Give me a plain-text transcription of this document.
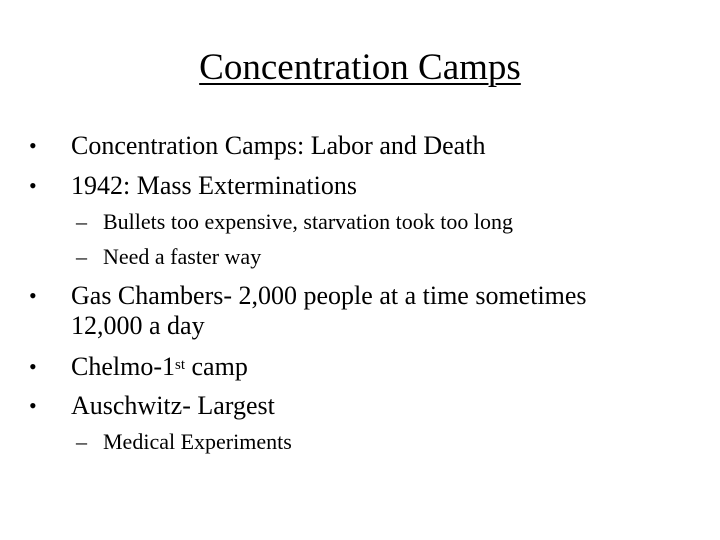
Concentration Camps
• Concentration Camps: Labor and Death
• 1942: Mass Exterminations
– Bullets too expensive, starvation took too long
– Need a faster way
• Gas Chambers- 2,000 people at a time sometimes
12,000 a day
• Chelmo-1st camp
• Auschwitz- Largest
– Medical Experiments
